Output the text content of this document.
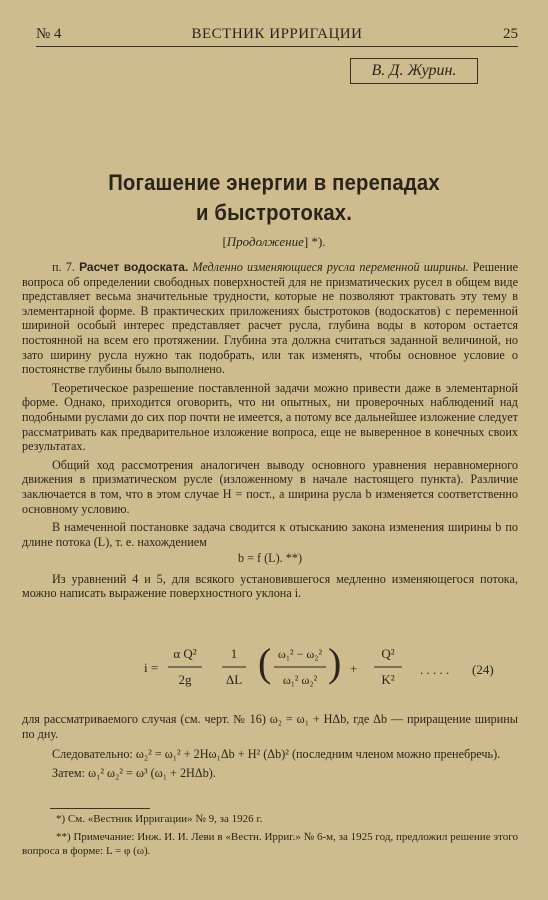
№ 4	ВЕСТНИК ИРРИГАЦИИ	25
В. Д. Журин.
Погашение энергии в перепадах
и быстротоках.
[Продолжение] *).

п. 7. Расчет водоската. Медленно изменяющиеся русла переменной ширины. Решение вопроса об определении свободных поверхностей для не призматических русел в общем виде представляет весьма значительные трудности, которые не позволяют трактовать эту тему в элементарной форме. В практических приложениях быстротоков (водоскатов) с переменной шириной особый интерес представляет расчет русла, глубина воды в котором остается постоянной на всем его протяжении. Глубина эта должна считаться заданной величиной, но зато ширину русла нужно так подобрать, или так изменять, чтобы основное условие о постоянстве глубины было выполнено.

Теоретическое разрешение поставленной задачи можно привести даже в элементарной форме. Однако, приходится оговорить, что ни опытных, ни проверочных наблюдений над подобными руслами до сих пор почти не имеется, а потому все дальнейшее изложение следует рассматривать как предварительное изложение вопроса, еще не выверенное в конечных своих результатах.

Общий ход рассмотрения аналогичен выводу основного уравнения неравномерного движения в призматическом русле (изложенному в начале настоящего пункта). Различие заключается в том, что в этом случае H = пост., а ширина русла b изменяется соответственно основному условию.

В намеченной постановке задача сводится к отысканию закона изменения ширины b по длине потока (L), т. е. нахождением

b = f (L). **)

Из уравнений 4 и 5, для всякого установившегося медленно изменяющегося потока, можно написать выражение поверхностного уклона i.

i =
α Q²
2g
1
ΔL ( ω₁² − ω₂²
ω₁² ω₂² ) +
Q²
K²
. . . . . (24)

для рассматриваемого случая (см. черт. № 16) ω₂ = ω₁ + HΔb, где Δb — приращение ширины по дну.

Следовательно: ω₂² = ω₁² + 2Hω₁Δb + H² (Δb)² (последним членом можно пренебречь).

Затем: ω₁² ω₂² = ω³ (ω₁ + 2HΔb).

*) См. «Вестник Ирригации» № 9, за 1926 г.
**) Примечание: Инж. И. И. Леви в «Вестн. Ирриг.» № 6-м, за 1925 год, предложил решение этого вопроса в форме: L = φ (ω).
